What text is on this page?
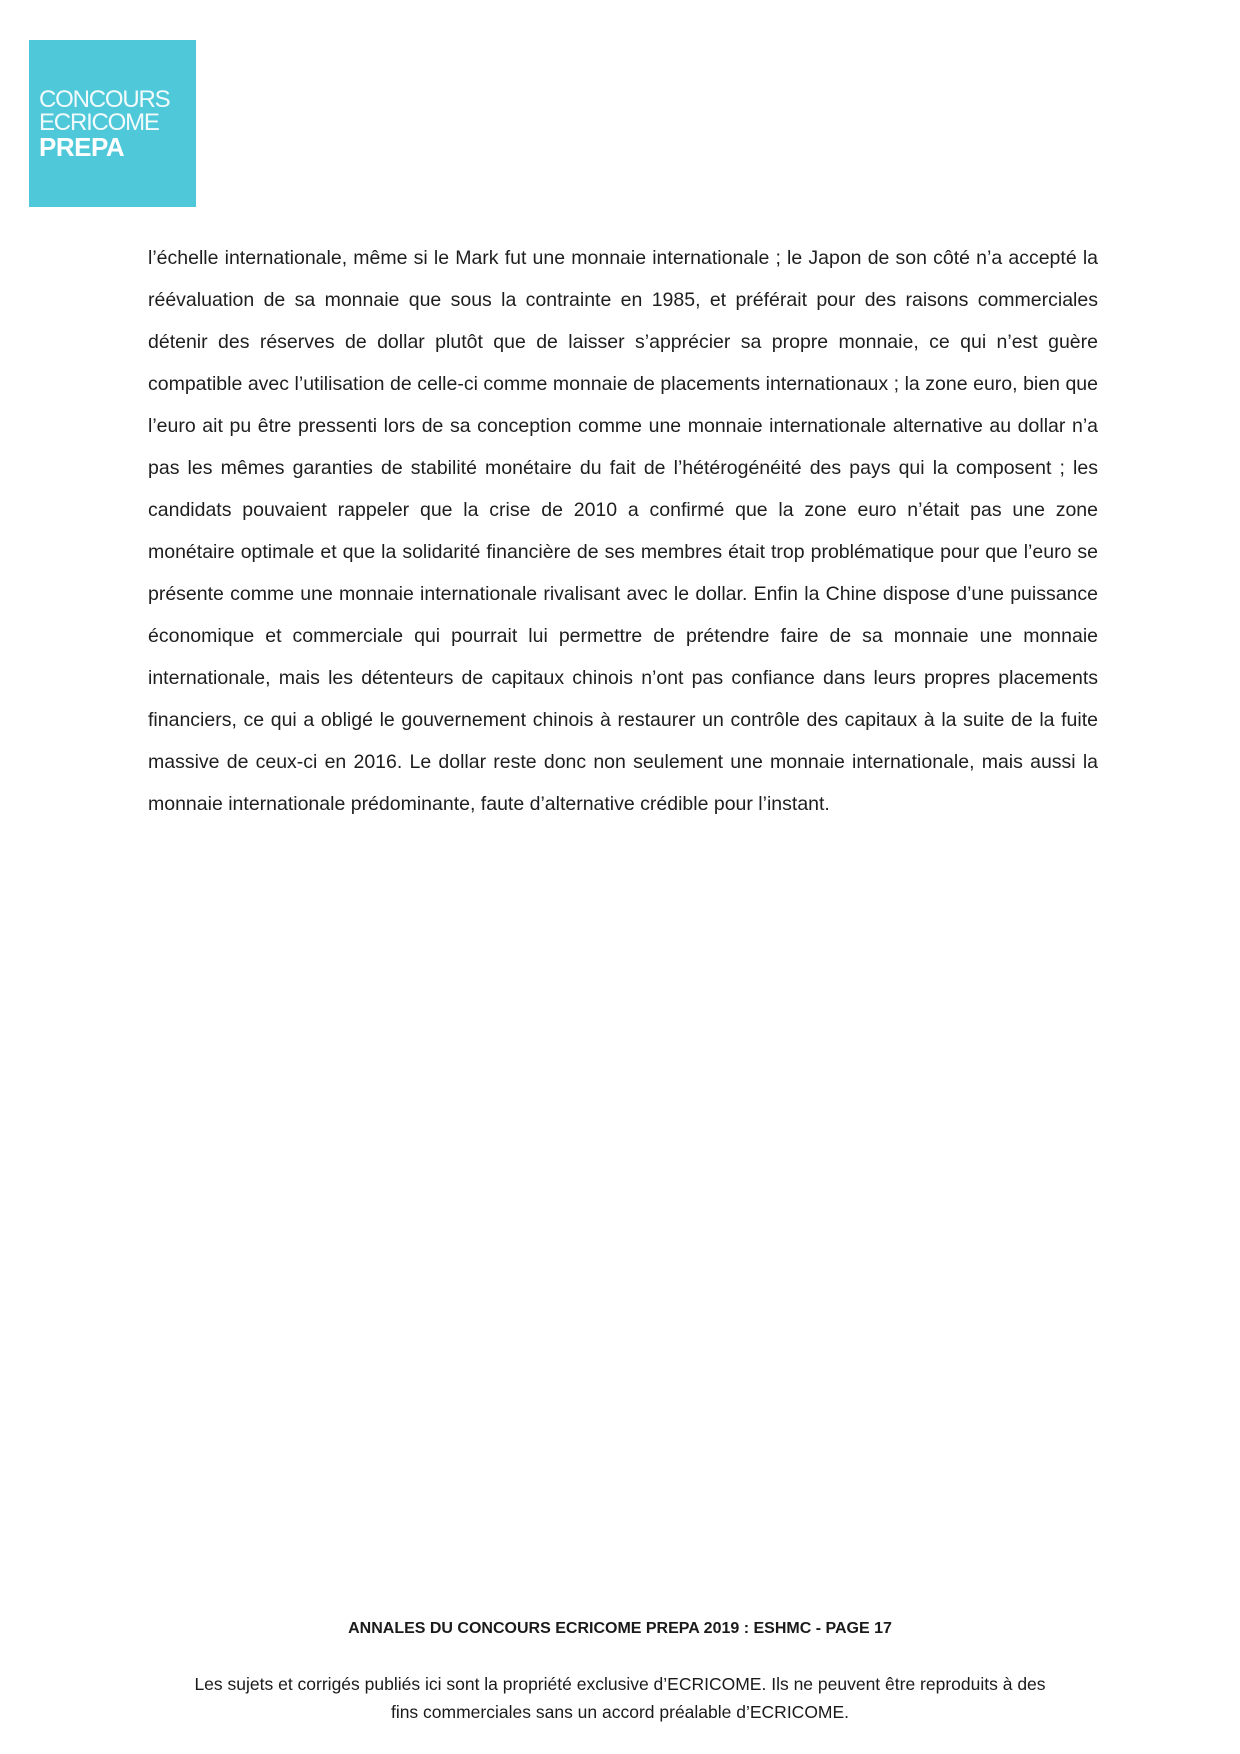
CONCOURS
ECRICOME
PREPA

l’échelle internationale, même si le Mark fut une monnaie internationale ; le Japon de son côté n’a accepté la réévaluation de sa monnaie que sous la contrainte en 1985, et préférait pour des raisons commerciales détenir des réserves de dollar plutôt que de laisser s’apprécier sa propre monnaie, ce qui n’est guère compatible avec l’utilisation de celle-ci comme monnaie de placements internationaux ; la zone euro, bien que l’euro ait pu être pressenti lors de sa conception comme une monnaie internationale alternative au dollar n’a pas les mêmes garanties de stabilité monétaire du fait de l’hétérogénéité des pays qui la composent ; les candidats pouvaient rappeler que la crise de 2010 a confirmé que la zone euro n’était pas une zone monétaire optimale et que la solidarité financière de ses membres était trop problématique pour que l’euro se présente comme une monnaie internationale rivalisant avec le dollar. Enfin la Chine dispose d’une puissance économique et commerciale qui pourrait lui permettre de prétendre faire de sa monnaie une monnaie internationale, mais les détenteurs de capitaux chinois n’ont pas confiance dans leurs propres placements financiers, ce qui a obligé le gouvernement chinois à restaurer un contrôle des capitaux à la suite de la fuite massive de ceux-ci en 2016. Le dollar reste donc non seulement une monnaie internationale, mais aussi la monnaie internationale prédominante, faute d’alternative crédible pour l’instant.

ANNALES DU CONCOURS ECRICOME PREPA 2019 : ESHMC - PAGE 17
Les sujets et corrigés publiés ici sont la propriété exclusive d’ECRICOME. Ils ne peuvent être reproduits à des
fins commerciales sans un accord préalable d’ECRICOME.
